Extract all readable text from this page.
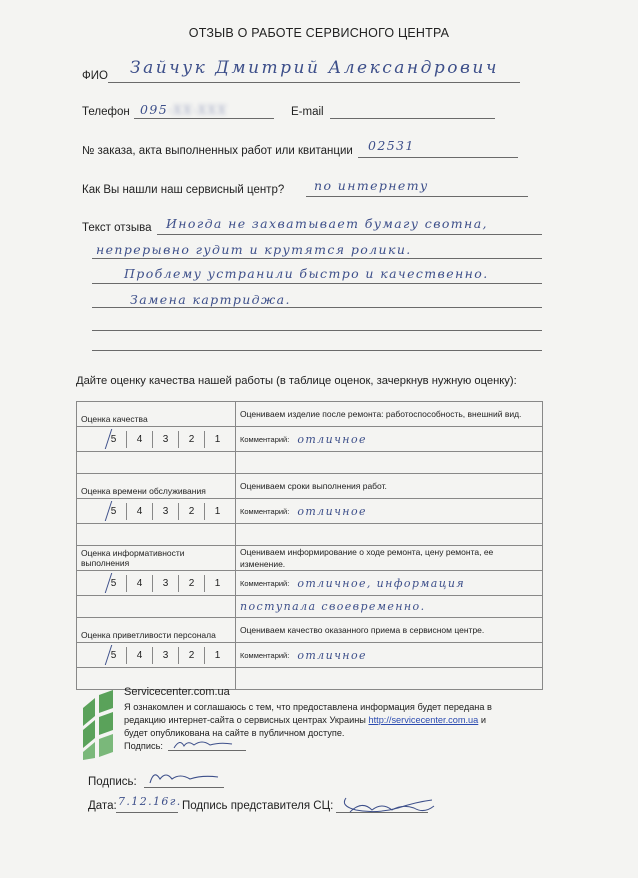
ОТЗЫВ О РАБОТЕ СЕРВИСНОГО ЦЕНТРА
ФИО Зайчук Дмитрий Александрович
Телефон 095-XX-XXX	E-mail
№ заказа, акта выполненных работ или квитанции 02531
Как Вы нашли наш сервисный центр? по интернету
Текст отзыва Иногда не захватывает бумагу свотна,
непрерывно гудит и крутятся ролики.
Проблему устранили быстро и качественно.
Замена картриджа.
Дайте оценку качества нашей работы (в таблице оценок, зачеркнув нужную оценку):
Оценка качества	Оцениваем изделие после ремонта: работоспособность, внешний вид.

5 4 3 2 1	Комментарий: отличное

Оценка времени обслуживания	Оцениваем сроки выполнения работ.

5 4 3 2 1	Комментарий: отличное

Оценка информативности выполнения	Оцениваем информирование о ходе ремонта, цену ремонта, ее изменение.

5 4 3 2 1	Комментарий: отличное, информация

	поступала своевременно.
Оценка приветливости персонала	Оцениваем качество оказанного приема в сервисном центре.

5 4 3 2 1	Комментарий: отличное

Servicecenter.com.ua
Я ознакомлен и соглашаюсь с тем, что предоставлена информация будет передана в
редакцию интернет-сайта о сервисных центрах Украины http://servicecenter.com.ua и
будет опубликована на сайте в публичном доступе.
Подпись:
Подпись:
Дата: 7.12.16г. Подпись представителя СЦ:
